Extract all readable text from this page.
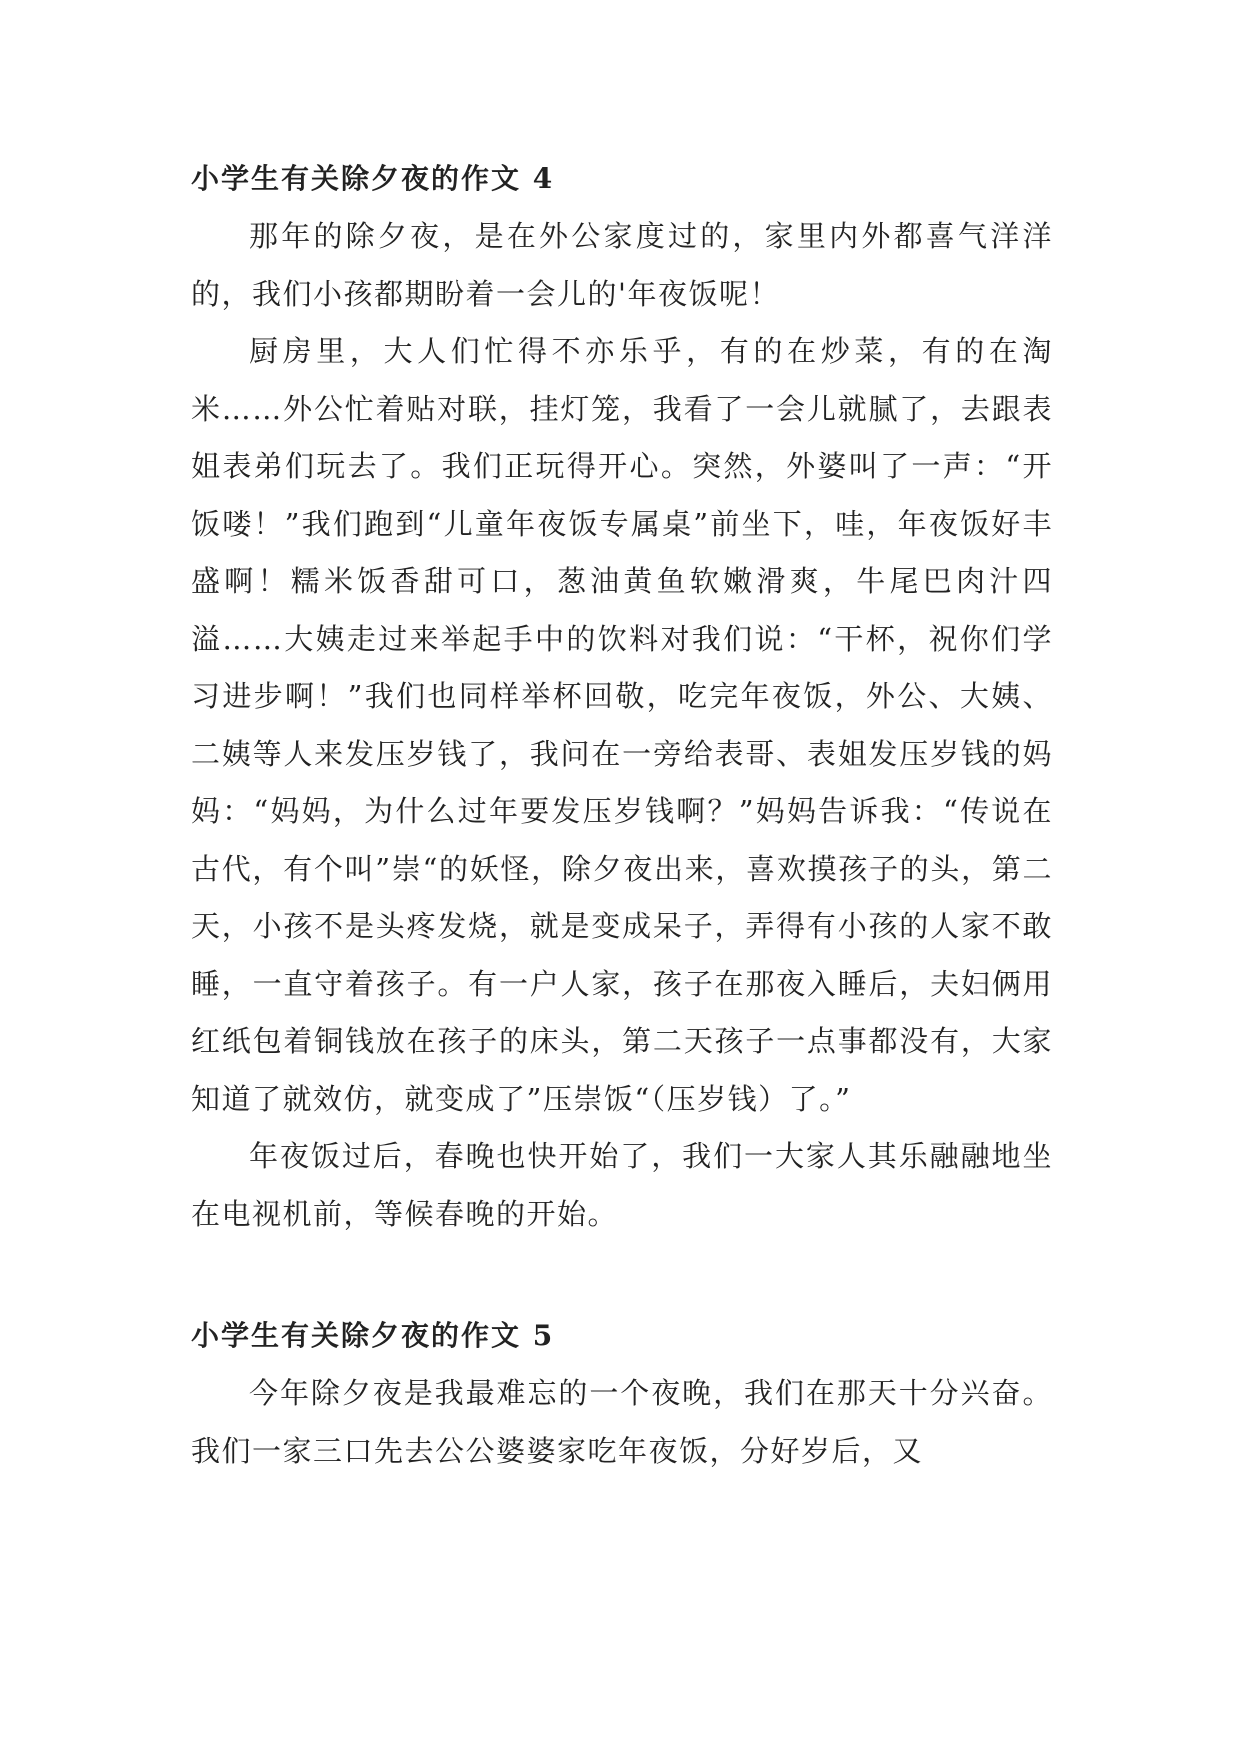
小学生有关除夕夜的作文 4

那年的除夕夜，是在外公家度过的，家里内外都喜气洋洋的，我们小孩都期盼着一会儿的'年夜饭呢！

厨房里，大人们忙得不亦乐乎，有的在炒菜，有的在淘米……外公忙着贴对联，挂灯笼，我看了一会儿就腻了，去跟表姐表弟们玩去了。我们正玩得开心。突然，外婆叫了一声：“开饭喽！”我们跑到“儿童年夜饭专属桌”前坐下，哇，年夜饭好丰盛啊！糯米饭香甜可口，葱油黄鱼软嫩滑爽，牛尾巴肉汁四溢……大姨走过来举起手中的饮料对我们说：“干杯，祝你们学习进步啊！”我们也同样举杯回敬，吃完年夜饭，外公、大姨、二姨等人来发压岁钱了，我问在一旁给表哥、表姐发压岁钱的妈妈：“妈妈，为什么过年要发压岁钱啊？”妈妈告诉我：“传说在古代，有个叫”崇“的妖怪，除夕夜出来，喜欢摸孩子的头，第二天，小孩不是头疼发烧，就是变成呆子，弄得有小孩的人家不敢睡，一直守着孩子。有一户人家，孩子在那夜入睡后，夫妇俩用红纸包着铜钱放在孩子的床头，第二天孩子一点事都没有，大家知道了就效仿，就变成了”压崇饭“（压岁钱）了。”

年夜饭过后，春晚也快开始了，我们一大家人其乐融融地坐在电视机前，等候春晚的开始。

小学生有关除夕夜的作文 5

今年除夕夜是我最难忘的一个夜晚，我们在那天十分兴奋。我们一家三口先去公公婆婆家吃年夜饭，分好岁后，又
